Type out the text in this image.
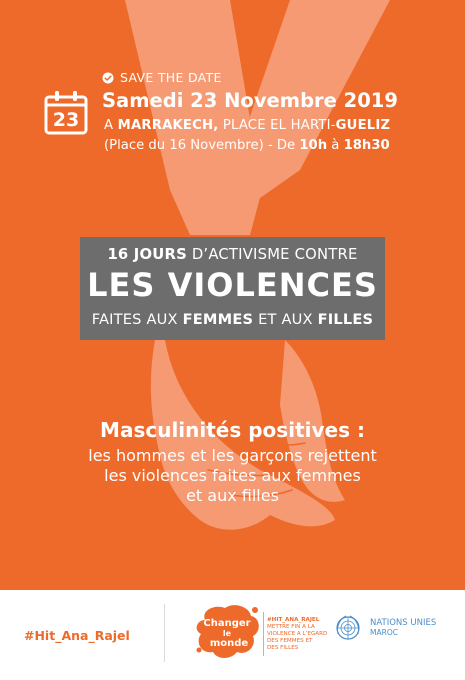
23
SAVE THE DATE
Samedi 23 Novembre 2019
A MARRAKECH, PLACE EL HARTI-GUELIZ
(Place du 16 Novembre) - De 10h à 18h30
16 JOURS D’ACTIVISME CONTRE
LES VIOLENCES
FAITES AUX FEMMES ET AUX FILLES
Masculinités positives :
les hommes et les garçons rejettent
les violences faites aux femmes
et aux filles
#Hit_Ana_Rajel
Changer
le
monde
#HIT_ANA_RAJEL
METTRE FIN A LA
VIOLENCE A L’EGARD
DES FEMMES ET
DES FILLES
NATIONS UNIES
MAROC
